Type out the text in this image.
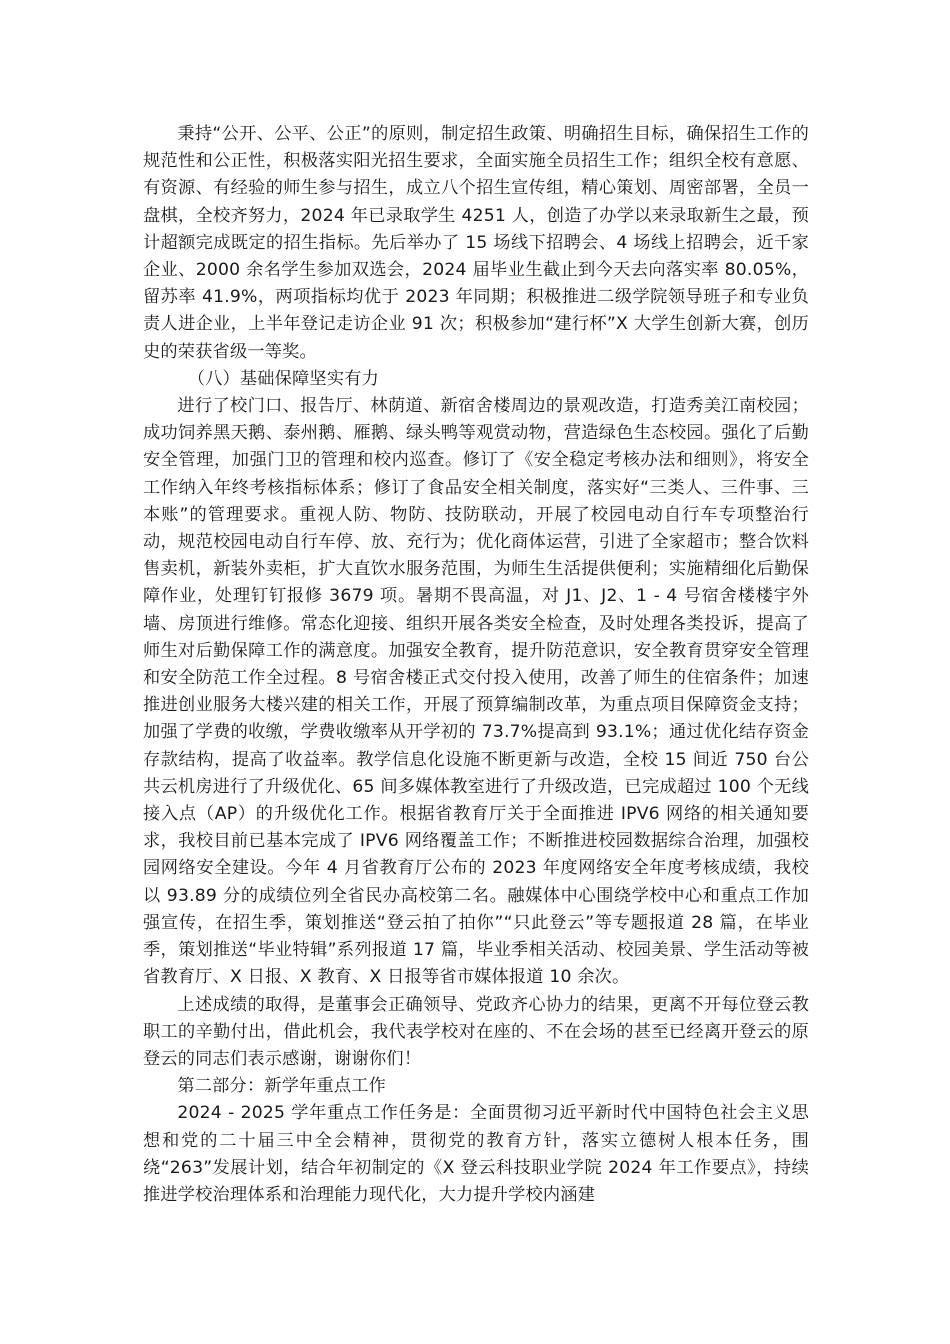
秉持“公开、公平、公正”的原则，制定招生政策、明确招生目标，确保招生工作的规范性和公正性，积极落实阳光招生要求，全面实施全员招生工作；组织全校有意愿、有资源、有经验的师生参与招生，成立八个招生宣传组，精心策划、周密部署，全员一盘棋，全校齐努力，2024 年已录取学生 4251 人，创造了办学以来录取新生之最，预计超额完成既定的招生指标。先后举办了 15 场线下招聘会、4 场线上招聘会，近千家企业、2000 余名学生参加双选会，2024 届毕业生截止到今天去向落实率 80.05%，留苏率 41.9%，两项指标均优于 2023 年同期；积极推进二级学院领导班子和专业负责人进企业，上半年登记走访企业 91 次；积极参加“建行杯”X 大学生创新大赛，创历史的荣获省级一等奖。

（八）基础保障坚实有力

进行了校门口、报告厅、林荫道、新宿舍楼周边的景观改造，打造秀美江南校园；成功饲养黑天鹅、泰州鹅、雁鹅、绿头鸭等观赏动物，营造绿色生态校园。强化了后勤安全管理，加强门卫的管理和校内巡查。修订了《安全稳定考核办法和细则》，将安全工作纳入年终考核指标体系；修订了食品安全相关制度，落实好“三类人、三件事、三本账”的管理要求。重视人防、物防、技防联动，开展了校园电动自行车专项整治行动，规范校园电动自行车停、放、充行为；优化商体运营，引进了全家超市；整合饮料售卖机，新装外卖柜，扩大直饮水服务范围，为师生生活提供便利；实施精细化后勤保障作业，处理钉钉报修 3679 项。暑期不畏高温，对 J1、J2、1 - 4 号宿舍楼楼宇外墙、房顶进行维修。常态化迎接、组织开展各类安全检查，及时处理各类投诉，提高了师生对后勤保障工作的满意度。加强安全教育，提升防范意识，安全教育贯穿安全管理和安全防范工作全过程。8 号宿舍楼正式交付投入使用，改善了师生的住宿条件；加速推进创业服务大楼兴建的相关工作，开展了预算编制改革，为重点项目保障资金支持；加强了学费的收缴，学费收缴率从开学初的 73.7%提高到 93.1%；通过优化结存资金存款结构，提高了收益率。教学信息化设施不断更新与改造，全校 15 间近 750 台公共云机房进行了升级优化、65 间多媒体教室进行了升级改造，已完成超过 100 个无线接入点（AP）的升级优化工作。根据省教育厅关于全面推进 IPV6 网络的相关通知要求，我校目前已基本完成了 IPV6 网络覆盖工作；不断推进校园数据综合治理，加强校园网络安全建设。今年 4 月省教育厅公布的 2023 年度网络安全年度考核成绩，我校以 93.89 分的成绩位列全省民办高校第二名。融媒体中心围绕学校中心和重点工作加强宣传，在招生季，策划推送“登云拍了拍你”“只此登云”等专题报道 28 篇，在毕业季，策划推送“毕业特辑”系列报道 17 篇，毕业季相关活动、校园美景、学生活动等被省教育厅、X 日报、X 教育、X 日报等省市媒体报道 10 余次。

上述成绩的取得，是董事会正确领导、党政齐心协力的结果，更离不开每位登云教职工的辛勤付出，借此机会，我代表学校对在座的、不在会场的甚至已经离开登云的原登云的同志们表示感谢，谢谢你们！

第二部分：新学年重点工作

2024 - 2025 学年重点工作任务是：全面贯彻习近平新时代中国特色社会主义思想和党的二十届三中全会精神，贯彻党的教育方针，落实立德树人根本任务，围绕“263”发展计划，结合年初制定的《X 登云科技职业学院 2024 年工作要点》，持续推进学校治理体系和治理能力现代化，大力提升学校内涵建
